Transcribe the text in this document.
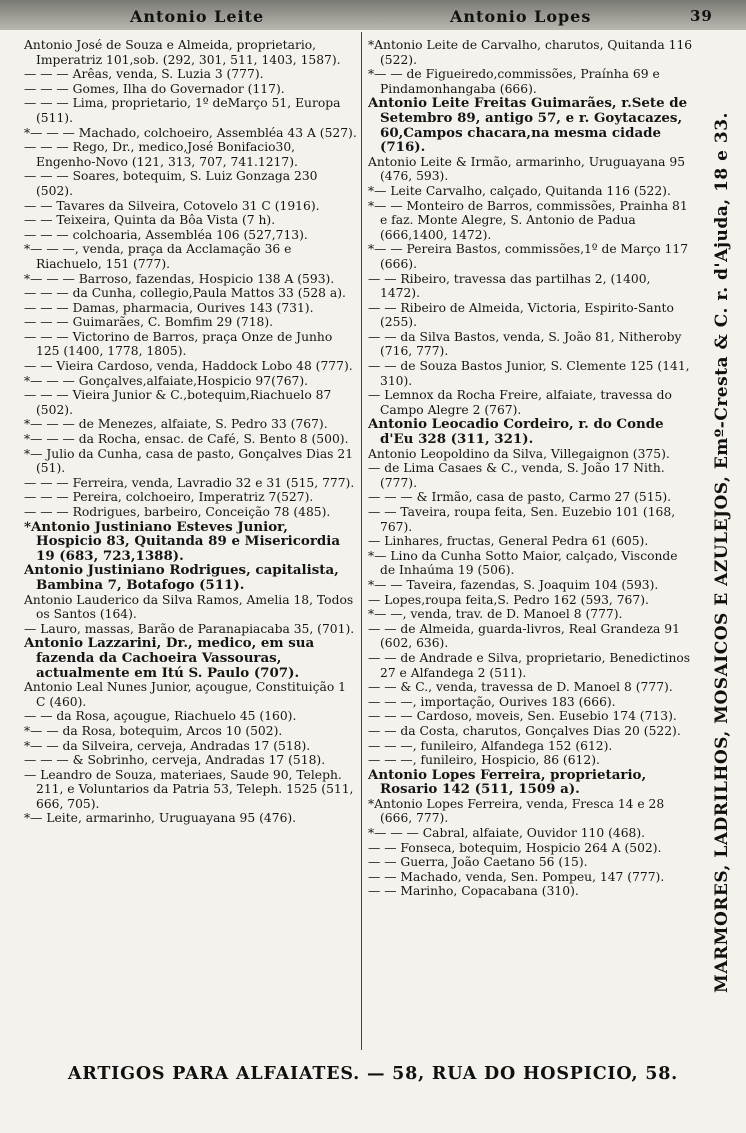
Antonio Leite	Antonio Lopes	39
Antonio José de Souza e Almeida, proprietario, Imperatriz 101,sob. (292, 301, 511, 1403, 1587).
— — — Arêas, venda, S. Luzia 3 (777).
— — — Gomes, Ilha do Governador (117).
— — — Lima, proprietario, 1º deMarço 51, Europa (511).
*— — — Machado, colchoeiro, Assembléa 43 A (527).
— — — Rego, Dr., medico,José Bonifacio30, Engenho-Novo (121, 313, 707, 741.1217).
— — — Soares, botequim, S. Luiz Gonzaga 230 (502).
— — Tavares da Silveira, Cotovelo 31 C (1916).
— — Teixeira, Quinta da Bôa Vista (7 h).
— — — colchoaria, Assembléa 106 (527,713).
*— — —, venda, praça da Acclamação 36 e Riachuelo, 151 (777).
*— — — Barroso, fazendas, Hospicio 138 A (593).
— — — da Cunha, collegio,Paula Mattos 33 (528 a).
— — — Damas, pharmacia, Ourives 143 (731).
— — — Guimarães, C. Bomfim 29 (718).
— — — Victorino de Barros, praça Onze de Junho 125 (1400, 1778, 1805).
— — Vieira Cardoso, venda, Haddock Lobo 48 (777).
*— — — Gonçalves,alfaiate,Hospicio 97(767).
— — — Vieira Junior & C.,botequim,Riachuelo 87 (502).
*— — — de Menezes, alfaiate, S. Pedro 33 (767).
*— — — da Rocha, ensac. de Café, S. Bento 8 (500).
*— Julio da Cunha, casa de pasto, Gonçalves Dias 21 (51).
— — — Ferreira, venda, Lavradio 32 e 31 (515, 777).
— — — Pereira, colchoeiro, Imperatriz 7(527).
— — — Rodrigues, barbeiro, Conceição 78 (485).
*Antonio Justiniano Esteves Junior, Hospicio 83, Quitanda 89 e Misericordia 19 (683, 723,1388).
Antonio Justiniano Rodrigues, capitalista, Bambina 7, Botafogo (511).
Antonio Lauderico da Silva Ramos, Amelia 18, Todos os Santos (164).
— Lauro, massas, Barão de Paranapiacaba 35, (701).
Antonio Lazzarini, Dr., medico, em sua fazenda da Cachoeira Vassouras, actualmente em Itú S. Paulo (707).
Antonio Leal Nunes Junior, açougue, Constituição 1 C (460).
— — da Rosa, açougue, Riachuelo 45 (160).
*— — da Rosa, botequim, Arcos 10 (502).
*— — da Silveira, cerveja, Andradas 17 (518).
— — — & Sobrinho, cerveja, Andradas 17 (518).
— Leandro de Souza, materiaes, Saude 90, Teleph. 211, e Voluntarios da Patria 53, Teleph. 1525 (511, 666, 705).
*— Leite, armarinho, Uruguayana 95 (476).
*Antonio Leite de Carvalho, charutos, Quitanda 116 (522).
*— — de Figueiredo,commissões, Praínha 69 e Pindamonhangaba (666).
Antonio Leite Freitas Guimarães, r.Sete de Setembro 89, antigo 57, e r. Goytacazes, 60,Campos chacara,na mesma cidade (716).
Antonio Leite & Irmão, armarinho, Uruguayana 95 (476, 593).
*— Leite Carvalho, calçado, Quitanda 116 (522).
*— — Monteiro de Barros, commissões, Prainha 81 e faz. Monte Alegre, S. Antonio de Padua (666,1400, 1472).
*— — Pereira Bastos, commissões,1º de Março 117 (666).
— — Ribeiro, travessa das partilhas 2, (1400, 1472).
— — Ribeiro de Almeida, Victoria, Espirito-Santo (255).
— — da Silva Bastos, venda, S. João 81, Nitheroby (716, 777).
— — de Souza Bastos Junior, S. Clemente 125 (141, 310).
— Lemnox da Rocha Freire, alfaiate, travessa do Campo Alegre 2 (767).
Antonio Leocadio Cordeiro, r. do Conde d'Eu 328 (311, 321).
Antonio Leopoldino da Silva, Villegaignon (375).
— de Lima Casaes & C., venda, S. João 17 Nith. (777).
— — — & Irmão, casa de pasto, Carmo 27 (515).
— — Taveira, roupa feita, Sen. Euzebio 101 (168, 767).
— Linhares, fructas, General Pedra 61 (605).
*— Lino da Cunha Sotto Maior, calçado, Visconde de Inhaúma 19 (506).
*— — Taveira, fazendas, S. Joaquim 104 (593).
— Lopes,roupa feita,S. Pedro 162 (593, 767).
*— —, venda, trav. de D. Manoel 8 (777).
— — de Almeida, guarda-livros, Real Grandeza 91 (602, 636).
— — de Andrade e Silva, proprietario, Benedictinos 27 e Alfandega 2 (511).
— — & C., venda, travessa de D. Manoel 8 (777).
— — —, importação, Ourives 183 (666).
— — — Cardoso, moveis, Sen. Eusebio 174 (713).
— — da Costa, charutos, Gonçalves Dias 20 (522).
— — —, funileiro, Alfandega 152 (612).
— — —, funileiro, Hospicio, 86 (612).
Antonio Lopes Ferreira, proprietario, Rosario 142 (511, 1509 a).
*Antonio Lopes Ferreira, venda, Fresca 14 e 28 (666, 777).
*— — — Cabral, alfaiate, Ouvidor 110 (468).
— — Fonseca, botequim, Hospicio 264 A (502).
— — Guerra, João Caetano 56 (15).
— — Machado, venda, Sen. Pompeu, 147 (777).
— — Marinho, Copacabana (310).	MARMORES, LADRILHOS, MOSAICOS E AZULEJOS, Emº-Cresta & C. r. d'Ajuda, 18 e 33.
ARTIGOS PARA ALFAIATES. — 58, RUA DO HOSPICIO, 58.
